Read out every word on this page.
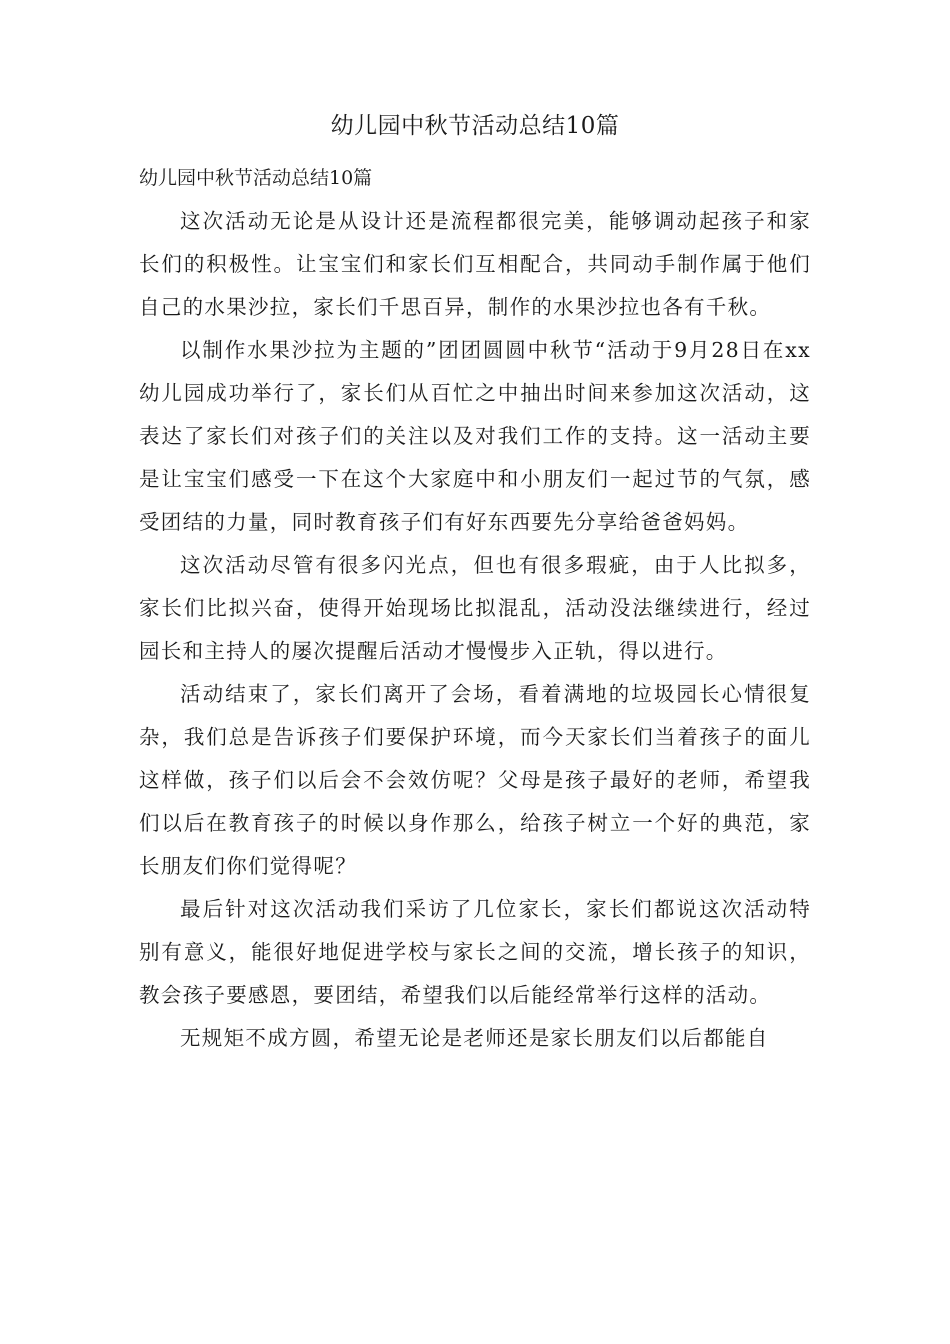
幼儿园中秋节活动总结10篇
幼儿园中秋节活动总结10篇

这次活动无论是从设计还是流程都很完美，能够调动起孩子和家长们的积极性。让宝宝们和家长们互相配合，共同动手制作属于他们自己的水果沙拉，家长们千思百异，制作的水果沙拉也各有千秋。

以制作水果沙拉为主题的”团团圆圆中秋节“活动于9月28日在xx幼儿园成功举行了，家长们从百忙之中抽出时间来参加这次活动，这表达了家长们对孩子们的关注以及对我们工作的支持。这一活动主要是让宝宝们感受一下在这个大家庭中和小朋友们一起过节的气氛，感受团结的力量，同时教育孩子们有好东西要先分享给爸爸妈妈。

这次活动尽管有很多闪光点，但也有很多瑕疵，由于人比拟多，家长们比拟兴奋，使得开始现场比拟混乱，活动没法继续进行，经过园长和主持人的屡次提醒后活动才慢慢步入正轨，得以进行。

活动结束了，家长们离开了会场，看着满地的垃圾园长心情很复杂，我们总是告诉孩子们要保护环境，而今天家长们当着孩子的面儿这样做，孩子们以后会不会效仿呢？父母是孩子最好的老师，希望我们以后在教育孩子的时候以身作那么，给孩子树立一个好的典范，家长朋友们你们觉得呢？

最后针对这次活动我们采访了几位家长，家长们都说这次活动特别有意义，能很好地促进学校与家长之间的交流，增长孩子的知识，教会孩子要感恩，要团结，希望我们以后能经常举行这样的活动。

无规矩不成方圆，希望无论是老师还是家长朋友们以后都能自
